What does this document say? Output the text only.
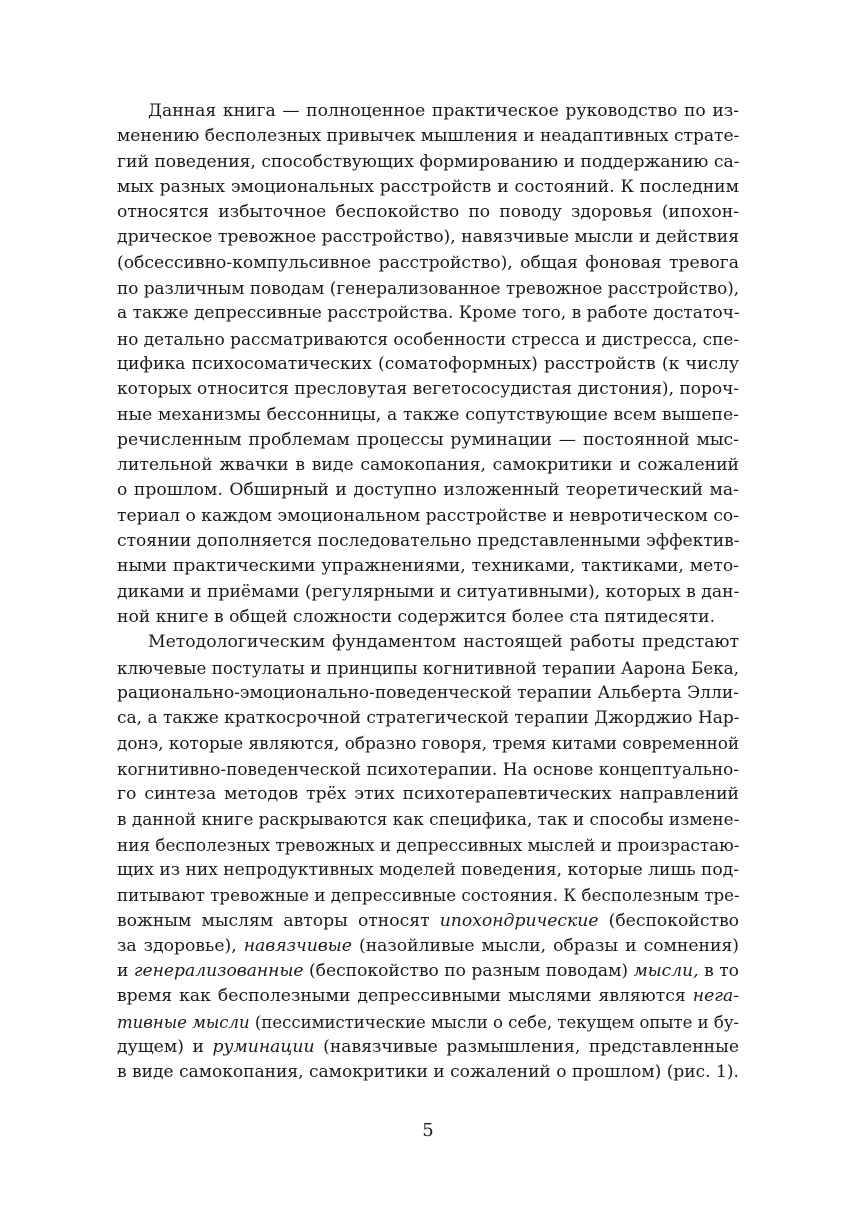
Данная книга — полноценное практическое руководство по из-
менению бесполезных привычек мышления и неадаптивных страте-
гий поведения, способствующих формированию и поддержанию са-
мых разных эмоциональных расстройств и состояний. К последним
относятся избыточное беспокойство по поводу здоровья (ипохон-
дрическое тревожное расстройство), навязчивые мысли и действия
(обсессивно-компульсивное расстройство), общая фоновая тревога
по различным поводам (генерализованное тревожное расстройство),
а также депрессивные расстройства. Кроме того, в работе достаточ-
но детально рассматриваются особенности стресса и дистресса, спе-
цифика психосоматических (соматоформных) расстройств (к числу
которых относится пресловутая вегетососудистая дистония), пороч-
ные механизмы бессонницы, а также сопутствующие всем вышепе-
речисленным проблемам процессы руминации — постоянной мыс-
лительной жвачки в виде самокопания, самокритики и сожалений
о прошлом. Обширный и доступно изложенный теоретический ма-
териал о каждом эмоциональном расстройстве и невротическом со-
стоянии дополняется последовательно представленными эффектив-
ными практическими упражнениями, техниками, тактиками, мето-
диками и приёмами (регулярными и ситуативными), которых в дан-
ной книге в общей сложности содержится более ста пятидесяти.
Методологическим фундаментом настоящей работы предстают
ключевые постулаты и принципы когнитивной терапии Аарона Бека,
рационально-эмоционально-поведенческой терапии Альберта Элли-
са, а также краткосрочной стратегической терапии Джорджио Нар-
донэ, которые являются, образно говоря, тремя китами современной
когнитивно-поведенческой психотерапии. На основе концептуально-
го синтеза методов трёх этих психотерапевтических направлений
в данной книге раскрываются как специфика, так и способы измене-
ния бесполезных тревожных и депрессивных мыслей и произрастаю-
щих из них непродуктивных моделей поведения, которые лишь под-
питывают тревожные и депрессивные состояния. К бесполезным тре-
вожным мыслям авторы относят ипохондрические (беспокойство
за здоровье), навязчивые (назойливые мысли, образы и сомнения)
и генерализованные (беспокойство по разным поводам) мысли, в то
время как бесполезными депрессивными мыслями являются нега-
тивные мысли (пессимистические мысли о себе, текущем опыте и бу-
дущем) и руминации (навязчивые размышления, представленные
в виде самокопания, самокритики и сожалений о прошлом) (рис. 1).
5
